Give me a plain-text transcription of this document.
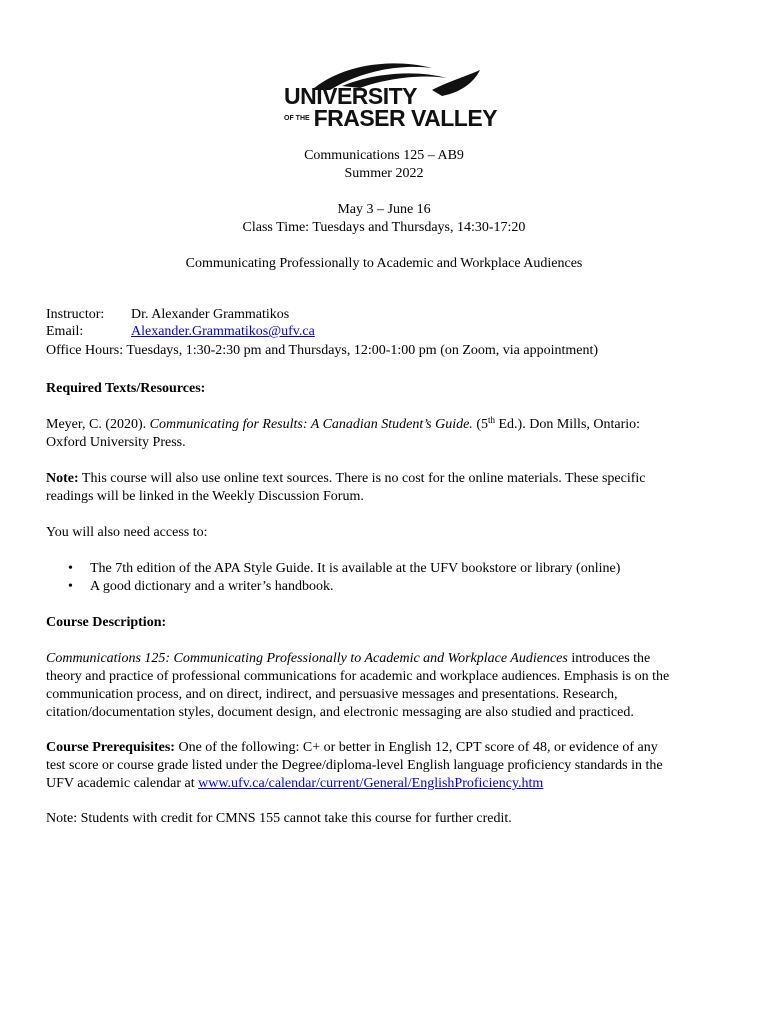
UNIVERSITY
$^{OF THE}$ FRASER VALLEY
Communications 125 – AB9
Summer 2022
May 3 – June 16
Class Time: Tuesdays and Thursdays, 14:30-17:20
Communicating Professionally to Academic and Workplace Audiences
Instructor: Dr. Alexander Grammatikos
Email:	Alexander.Grammatikos@ufv.ca
Office Hours: Tuesdays, 1:30-2:30 pm and Thursdays, 12:00-1:00 pm (on Zoom, via appointment)
Required Texts/Resources:
Meyer, C. (2020). Communicating for Results: A Canadian Student’s Guide. (5th Ed.). Don Mills, Ontario:
Oxford University Press.
Note: This course will also use online text sources. There is no cost for the online materials. These specific
readings will be linked in the Weekly Discussion Forum.
You will also need access to:
• The 7th edition of the APA Style Guide. It is available at the UFV bookstore or library (online)
• A good dictionary and a writer’s handbook.
Course Description:
Communications 125: Communicating Professionally to Academic and Workplace Audiences introduces the
theory and practice of professional communications for academic and workplace audiences. Emphasis is on the
communication process, and on direct, indirect, and persuasive messages and presentations. Research,
citation/documentation styles, document design, and electronic messaging are also studied and practiced.
Course Prerequisites: One of the following: C+ or better in English 12, CPT score of 48, or evidence of any
test score or course grade listed under the Degree/diploma-level English language proficiency standards in the
UFV academic calendar at www.ufv.ca/calendar/current/General/EnglishProficiency.htm
Note: Students with credit for CMNS 155 cannot take this course for further credit.
